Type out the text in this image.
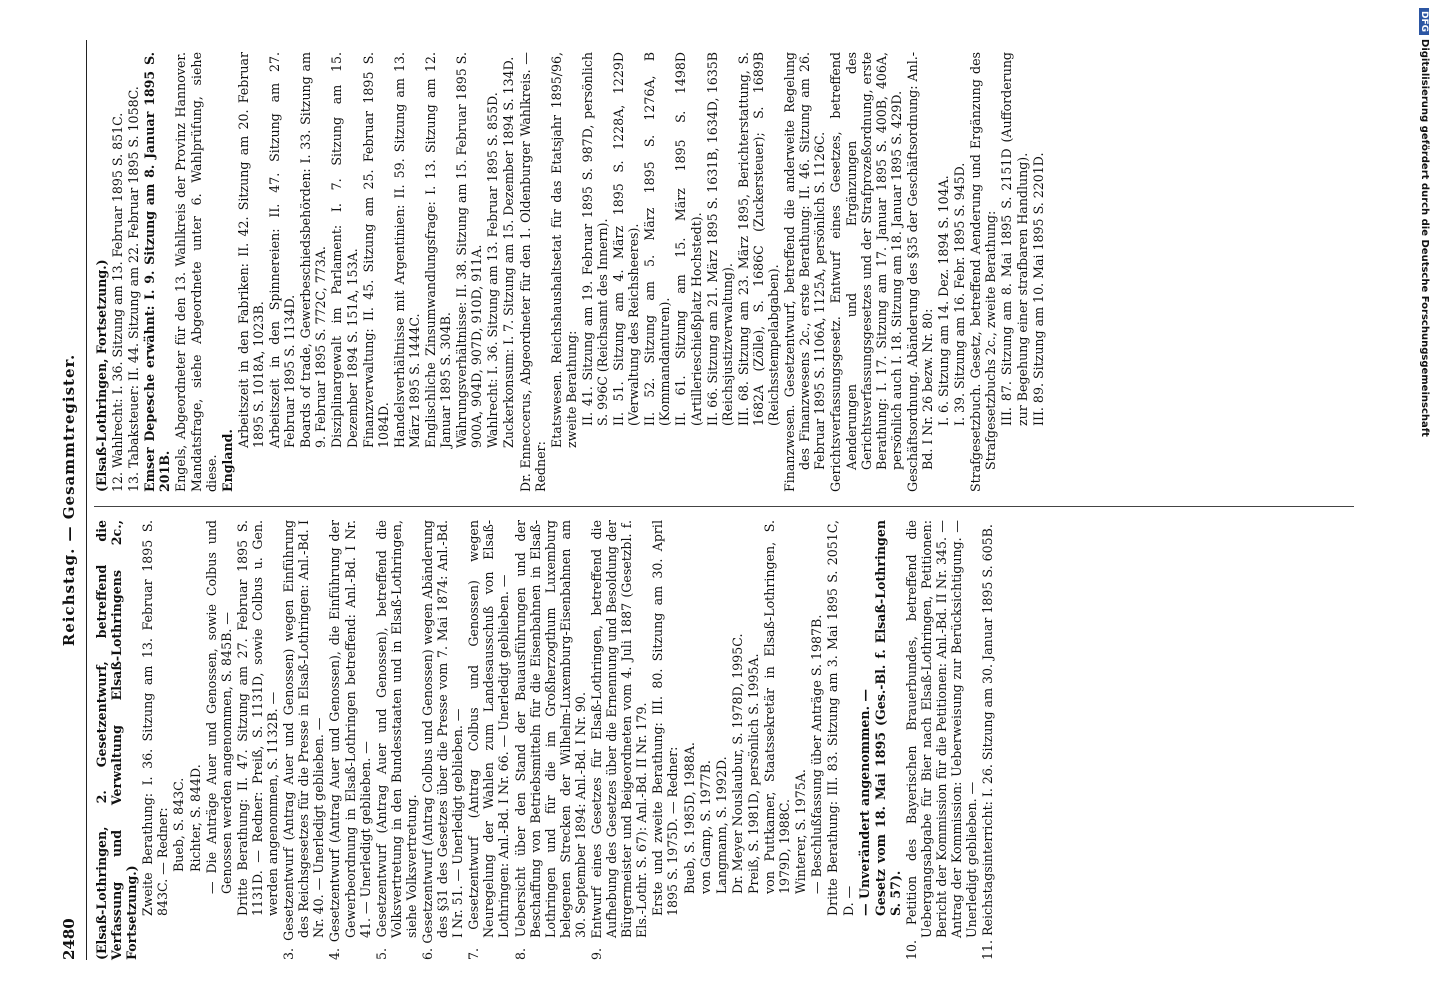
2480
Reichstag. — Gesammtregister.
(Elsaß-Lothringen, 2. Gesetzentwurf, betreffend die Verfassung und Verwaltung Elsaß-Lothringens 2c., Fortsetzung.) Zweite Berathung: I. 36. Sitzung am 13. Februar 1895 S. 843C. — Redner: Bueb, S. 843C. Richter, S. 844D. — Die Anträge Auer und Genossen, sowie Colbus und Genossen werden angenommen, S. 845B. — Dritte Berathung: II. 47. Sitzung am 27. Februar 1895 S. 1131D. — Redner: Preiß, S. 1131D, sowie Colbus u. Gen. werden angenommen, S. 1132B. — 3. Gesetzentwurf (Antrag Auer und Genossen) wegen Einführung des Reichsgesetzes für die Presse in Elsaß-Lothringen: Anl.-Bd. I Nr. 40. — Unerledigt geblieben. — 4. Gesetzentwurf (Antrag Auer und Genossen), die Einführung der Gewerbeordnung in Elsaß-Lothringen betreffend: Anl.-Bd. I Nr. 41. — Unerledigt geblieben. — 5. Gesetzentwurf (Antrag Auer und Genossen), betreffend die Volksvertretung in den Bundesstaaten und in Elsaß-Lothringen, siehe Volksvertretung. 6. Gesetzentwurf (Antrag Colbus und Genossen) wegen Abänderung des §31 des Gesetzes über die Presse vom 7. Mai 1874: Anl.-Bd. I Nr. 51. — Unerledigt geblieben. — 7. Gesetzentwurf (Antrag Colbus und Genossen) wegen Neuregelung der Wahlen zum Landesausschuß von Elsaß-Lothringen: Anl.-Bd. I Nr. 66. — Unerledigt geblieben. — 8. Uebersicht über den Stand der Bauausführungen und der Beschaffung von Betriebsmitteln für die Eisenbahnen in Elsaß-Lothringen und für die im Großherzogthum Luxemburg belegenen Strecken der Wilhelm-Luxemburg-Eisenbahnen am 30. September 1894: Anl.-Bd. I Nr. 90. 9. Entwurf eines Gesetzes für Elsaß-Lothringen, betreffend die Aufhebung des Gesetzes über die Ernennung und Besoldung der Bürgermeister und Beigeordneten vom 4. Juli 1887 (Gesetzbl. f. Els.-Lothr. S. 67): Anl.-Bd. II Nr. 179. Erste und zweite Berathung: III. 80. Sitzung am 30. April 1895 S. 1975D. — Redner: Bueb, S. 1985D, 1988A. von Gamp, S. 1977B. Langmann, S. 1992D. Dr. Meyer Nouslaubur, S. 1978D, 1995C. Preiß, S. 1981D, persönlich S. 1995A. von Puttkamer, Staatssekretär in Elsaß-Lothringen, S. 1979D, 1988C. Winterer, S. 1975A. — Beschlußfassung über Anträge S. 1987B. Dritte Berathung: III. 83. Sitzung am 3. Mai 1895 S. 2051C, D. — — Unverändert angenommen. — Gesetz vom 18. Mai 1895 (Ges.-Bl. f. Elsaß-Lothringen S. 57). 10. Petition des Bayerischen Brauerbundes, betreffend die Uebergangsabgabe für Bier nach Elsaß-Lothringen, Petitionen: Bericht der Kommission für die Petitionen: Anl.-Bd. II Nr. 345. — Antrag der Kommission: Ueberweisung zur Berücksichtigung. — Unerledigt geblieben. — 11. Reichstagsinterricht: I. 26. Sitzung am 30. Januar 1895 S. 605B.
(Elsaß-Lothringen, Fortsetzung.) 12. Wahlrecht: I. 36. Sitzung am 13. Februar 1895 S. 851C. 13. Tabaksteuer: II. 44. Sitzung am 22. Februar 1895 S. 1058C. Emser Depesche erwähnt: I. 9. Sitzung am 8. Januar 1895 S. 201B. Engels, Abgeordneter für den 13. Wahlkreis der Provinz Hannover. Mandatsfrage, siehe Abgeordnete unter 6. Wahlprüfung, siehe diese. England.
Arbeitszeit in den Fabriken: II. 42. Sitzung am 20. Februar 1895 S. 1018A, 1023B. Arbeitszeit in den Spinnereien: II. 47. Sitzung am 27. Februar 1895 S. 1134D. Boards of trade, Gewerbeschiedsbehörden: I. 33. Sitzung am 9. Februar 1895 S. 772C, 773A. Disziplinargewalt im Parlament: I. 7. Sitzung am 15. Dezember 1894 S. 151A, 153A. Finanzverwaltung: II. 45. Sitzung am 25. Februar 1895 S. 1084D. Handelsverhältnisse mit Argentinien: II. 59. Sitzung am 13. März 1895 S. 1444C. Englischliche Zinsumwandlungsfrage: I. 13. Sitzung am 12. Januar 1895 S. 304B. Währungsverhältnisse: II. 38. Sitzung am 15. Februar 1895 S. 900A, 904D, 907D, 910D, 911A. Wahlrecht: I. 36. Sitzung am 13. Februar 1895 S. 855D. Zuckerkonsum: I. 7. Sitzung am 15. Dezember 1894 S. 134D. Dr. Enneccerus, Abgeordneter für den 1. Oldenburger Wahlkreis. — Redner:
Etatswesen. Reichshaushaltsetat für das Etatsjahr 1895/96, zweite Berathung: II. 41. Sitzung am 19. Februar 1895 S. 987D, persönlich S. 996C (Reichsamt des Innern). II. 51. Sitzung am 4. März 1895 S. 1228A, 1229D (Verwaltung des Reichsheeres). II. 52. Sitzung am 5. März 1895 S. 1276A, B (Kommandanturen). II. 61. Sitzung am 15. März 1895 S. 1498D (Artillerieschießplatz Hochstedt). II. 66. Sitzung am 21. März 1895 S. 1631B, 1634D, 1635B (Reichsjustizverwaltung). III. 68. Sitzung am 23. März 1895, Berichterstattung, S. 1682A (Zölle), S. 1686C (Zuckersteuer); S. 1689B (Reichsstempelabgaben). Finanzwesen. Gesetzentwurf, betreffend die anderweite Regelung des Finanzwesens 2c., erste Berathung: II. 46. Sitzung am 26. Februar 1895 S. 1106A, 1125A, persönlich S. 1126C. Gerichtsverfassungsgesetz. Entwurf eines Gesetzes, betreffend Aenderungen und Ergänzungen des Gerichtsverfassungsgesetzes und der Strafprozeßordnung, erste Berathung: I. 17. Sitzung am 17. Januar 1895 S. 400B, 406A, persönlich auch I. 18. Sitzung am 18. Januar 1895 S. 429D. Geschäftsordnung. Abänderung des §35 der Geschäftsordnung: Anl.-Bd. I Nr. 26 bezw. Nr. 80: I. 6. Sitzung am 14. Dez. 1894 S. 104A. I. 39. Sitzung am 16. Febr. 1895 S. 945D. Strafgesetzbuch. Gesetz, betreffend Aenderung und Ergänzung des Strafgesetzbuchs 2c., zweite Berathung: III. 87. Sitzung am 8. Mai 1895 S. 2151D (Aufforderung zur Begehung einer strafbaren Handlung). III. 89. Sitzung am 10. Mai 1895 S. 2201D.
DFGDigitalisierung gefördert durch die Deutsche Forschungsgemeinschaft
